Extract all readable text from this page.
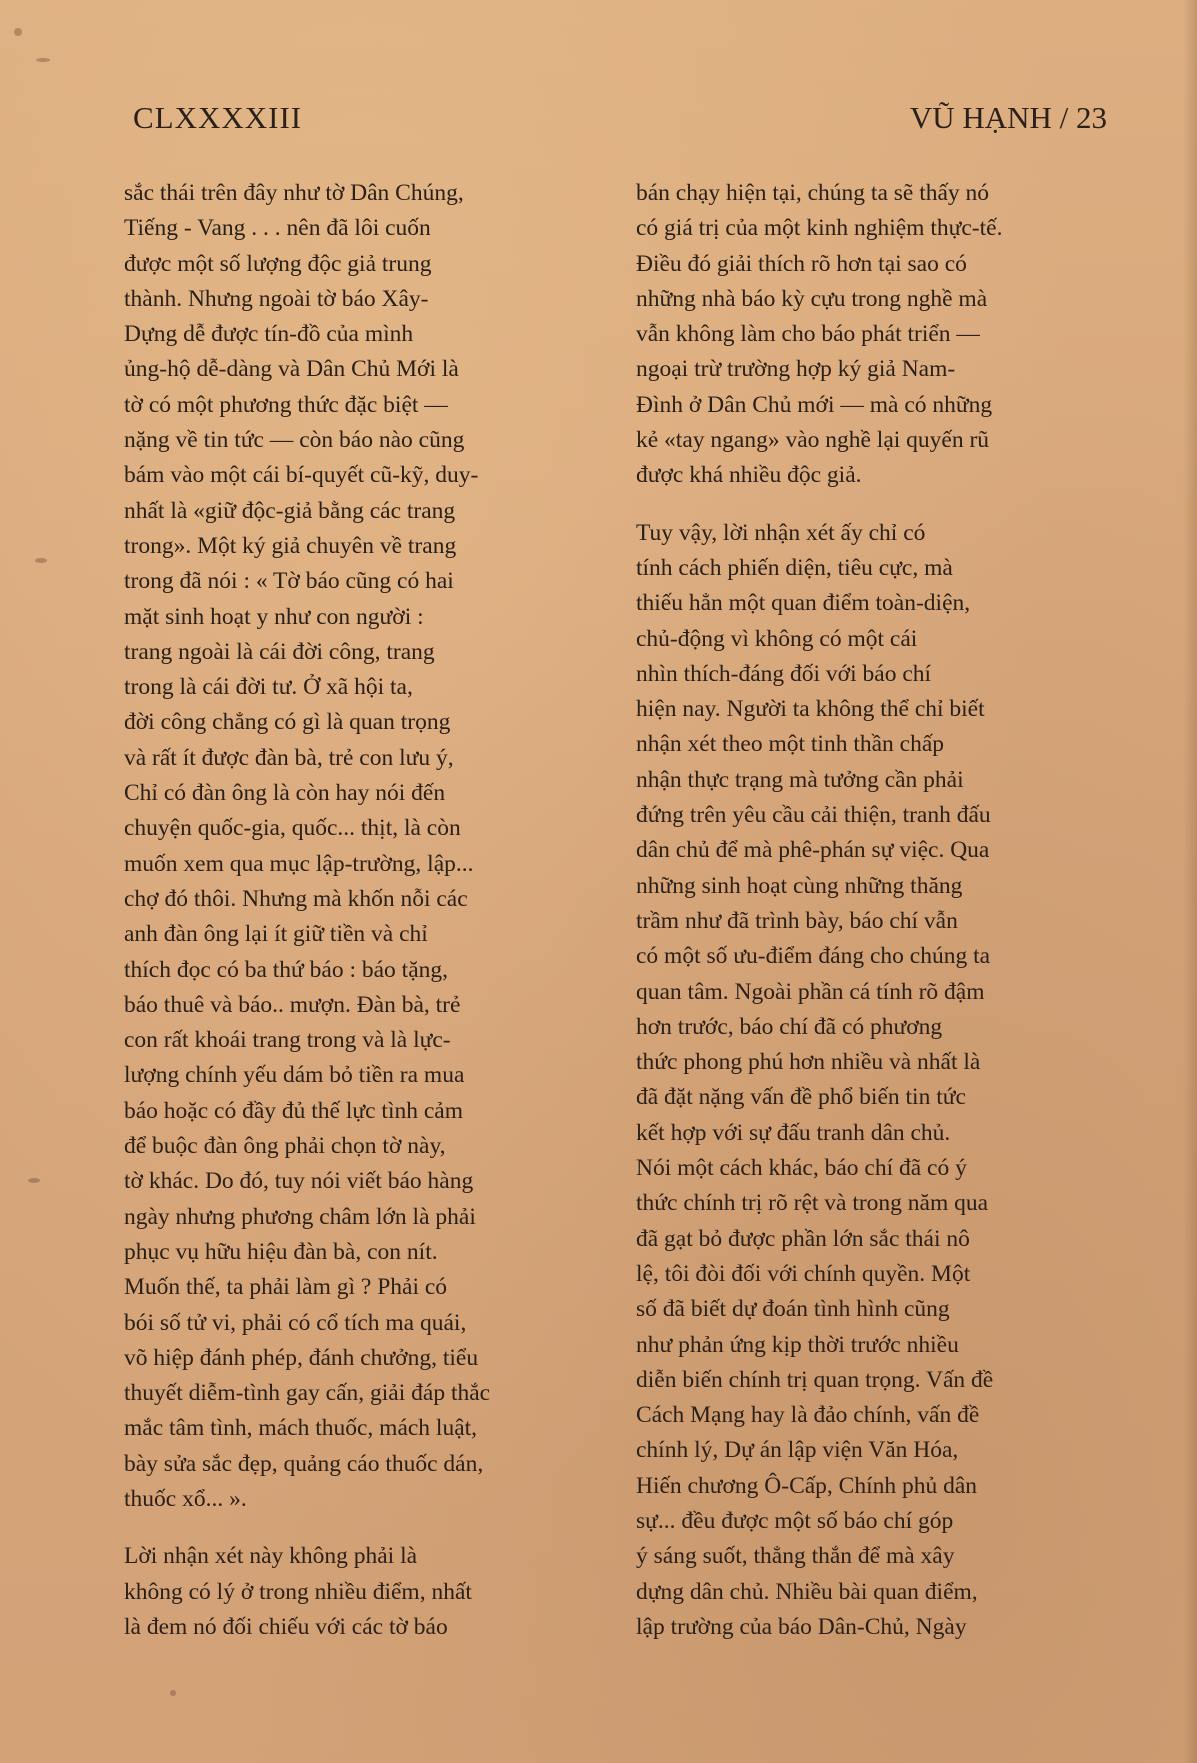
CLXXXXIII	VŨ HẠNH / 23

sắc thái trên đây như tờ Dân Chúng,
Tiếng - Vang . . . nên đã lôi cuốn
được một số lượng độc giả trung
thành. Nhưng ngoài tờ báo Xây-
Dựng dễ được tín-đồ của mình
ủng-hộ dễ-dàng và Dân Chủ Mới là
tờ có một phương thức đặc biệt —
nặng về tin tức — còn báo nào cũng
bám vào một cái bí-quyết cũ-kỹ, duy-
nhất là «giữ độc-giả bằng các trang
trong». Một ký giả chuyên về trang
trong đã nói : « Tờ báo cũng có hai
mặt sinh hoạt y như con người :
trang ngoài là cái đời công, trang
trong là cái đời tư. Ở xã hội ta,
đời công chẳng có gì là quan trọng
và rất ít được đàn bà, trẻ con lưu ý,
Chỉ có đàn ông là còn hay nói đến
chuyện quốc-gia, quốc... thịt, là còn
muốn xem qua mục lập-trường, lập...
chợ đó thôi. Nhưng mà khốn nỗi các
anh đàn ông lại ít giữ tiền và chỉ
thích đọc có ba thứ báo : báo tặng,
báo thuê và báo.. mượn. Đàn bà, trẻ
con rất khoái trang trong và là lực-
lượng chính yếu dám bỏ tiền ra mua
báo hoặc có đầy đủ thế lực tình cảm
để buộc đàn ông phải chọn tờ này,
tờ khác. Do đó, tuy nói viết báo hàng
ngày nhưng phương châm lớn là phải
phục vụ hữu hiệu đàn bà, con nít.
Muốn thế, ta phải làm gì ? Phải có
bói số tử vi, phải có cổ tích ma quái,
võ hiệp đánh phép, đánh chưởng, tiểu
thuyết diễm-tình gay cấn, giải đáp thắc
mắc tâm tình, mách thuốc, mách luật,
bày sửa sắc đẹp, quảng cáo thuốc dán,
thuốc xổ... ».

Lời nhận xét này không phải là
không có lý ở trong nhiều điểm, nhất
là đem nó đối chiếu với các tờ báo

bán chạy hiện tại, chúng ta sẽ thấy nó
có giá trị của một kinh nghiệm thực-tế.
Điều đó giải thích rõ hơn tại sao có
những nhà báo kỳ cựu trong nghề mà
vẫn không làm cho báo phát triển —
ngoại trừ trường hợp ký giả Nam-
Đình ở Dân Chủ mới — mà có những
kẻ «tay ngang» vào nghề lại quyến rũ
được khá nhiều độc giả.

Tuy vậy, lời nhận xét ấy chỉ có
tính cách phiến diện, tiêu cực, mà
thiếu hẳn một quan điểm toàn-diện,
chủ-động vì không có một cái
nhìn thích-đáng đối với báo chí
hiện nay. Người ta không thể chỉ biết
nhận xét theo một tinh thần chấp
nhận thực trạng mà tưởng cần phải
đứng trên yêu cầu cải thiện, tranh đấu
dân chủ để mà phê-phán sự việc. Qua
những sinh hoạt cùng những thăng
trầm như đã trình bày, báo chí vẫn
có một số ưu-điểm đáng cho chúng ta
quan tâm. Ngoài phần cá tính rõ đậm
hơn trước, báo chí đã có phương
thức phong phú hơn nhiều và nhất là
đã đặt nặng vấn đề phổ biến tin tức
kết hợp với sự đấu tranh dân chủ.
Nói một cách khác, báo chí đã có ý
thức chính trị rõ rệt và trong năm qua
đã gạt bỏ được phần lớn sắc thái nô
lệ, tôi đòi đối với chính quyền. Một
số đã biết dự đoán tình hình cũng
như phản ứng kịp thời trước nhiều
diễn biến chính trị quan trọng. Vấn đề
Cách Mạng hay là đảo chính, vấn đề
chính lý, Dự án lập viện Văn Hóa,
Hiến chương Ô-Cấp, Chính phủ dân
sự... đều được một số báo chí góp
ý sáng suốt, thẳng thắn để mà xây
dựng dân chủ. Nhiều bài quan điểm,
lập trường của báo Dân-Chủ, Ngày
